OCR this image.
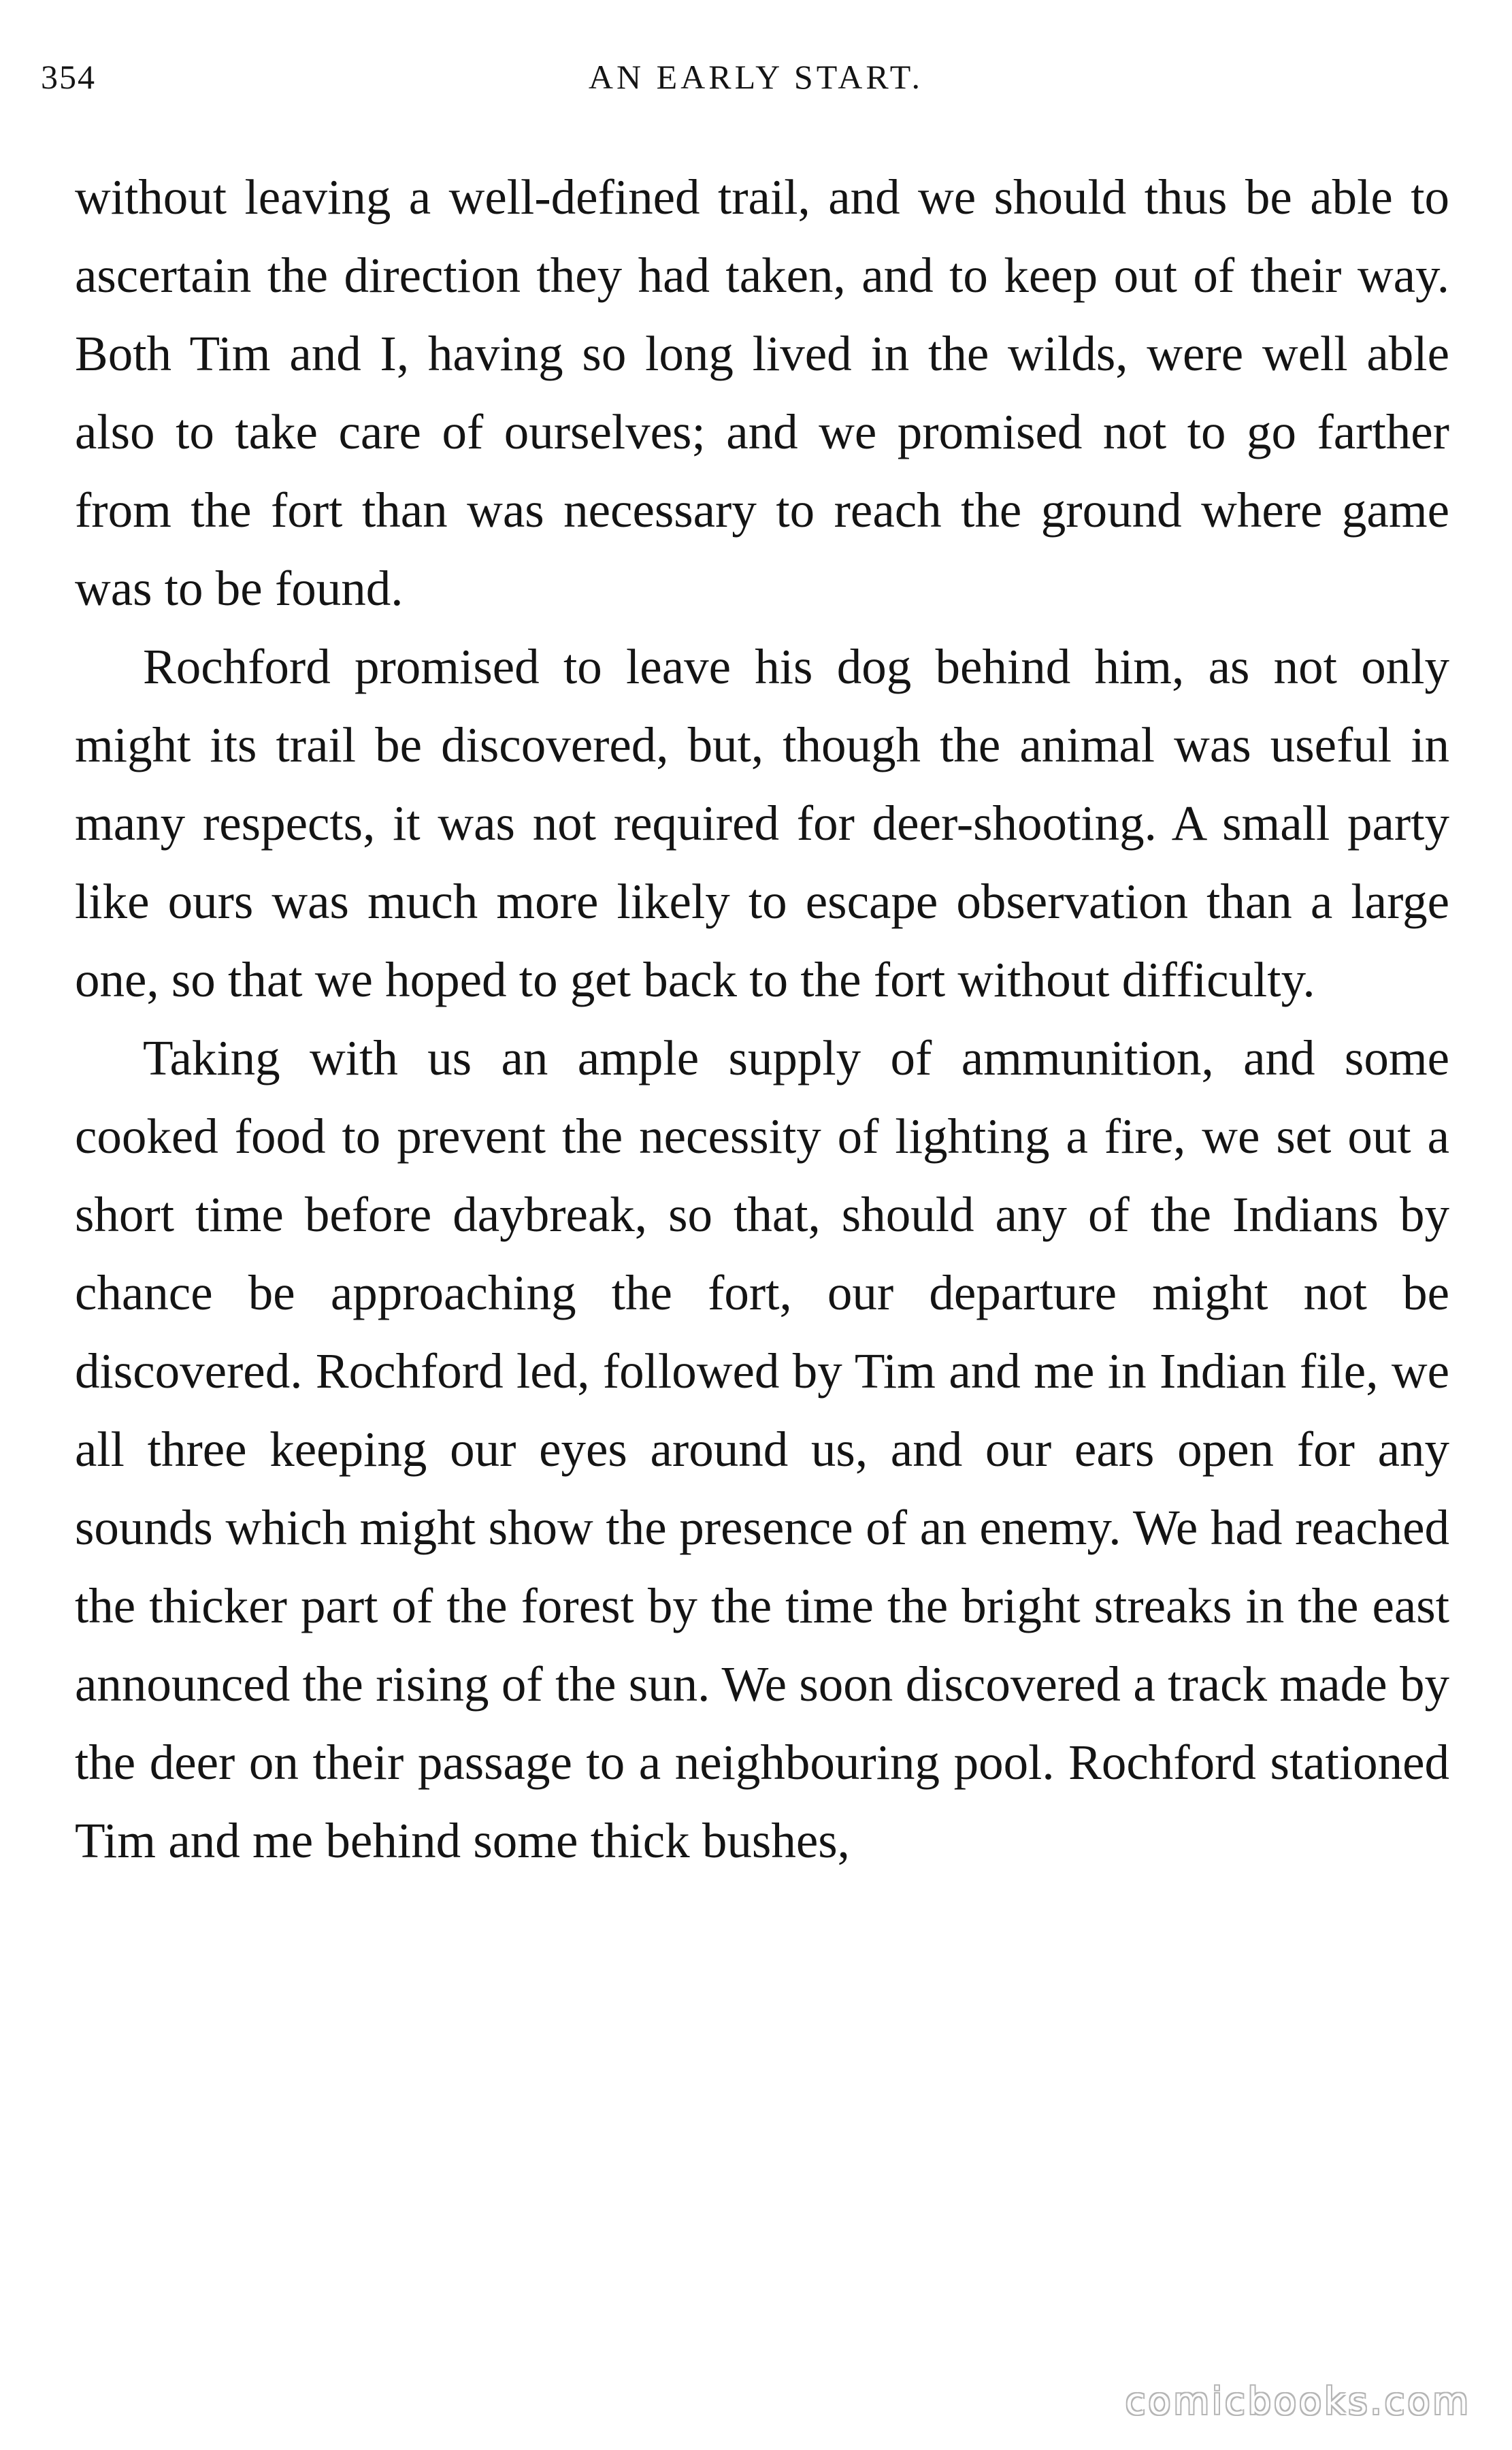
354	AN EARLY START.

without leaving a well-defined trail, and we should thus be able to ascertain the direction they had taken, and to keep out of their way. Both Tim and I, having so long lived in the wilds, were well able also to take care of ourselves; and we promised not to go farther from the fort than was necessary to reach the ground where game was to be found.

Rochford promised to leave his dog behind him, as not only might its trail be discovered, but, though the animal was useful in many respects, it was not required for deer-shooting. A small party like ours was much more likely to escape observation than a large one, so that we hoped to get back to the fort without difficulty.

Taking with us an ample supply of ammunition, and some cooked food to prevent the necessity of lighting a fire, we set out a short time before daybreak, so that, should any of the Indians by chance be approaching the fort, our departure might not be discovered. Rochford led, followed by Tim and me in Indian file, we all three keeping our eyes around us, and our ears open for any sounds which might show the presence of an enemy. We had reached the thicker part of the forest by the time the bright streaks in the east announced the rising of the sun. We soon discovered a track made by the deer on their passage to a neighbouring pool. Rochford stationed Tim and me behind some thick bushes,

comicbooks.com
